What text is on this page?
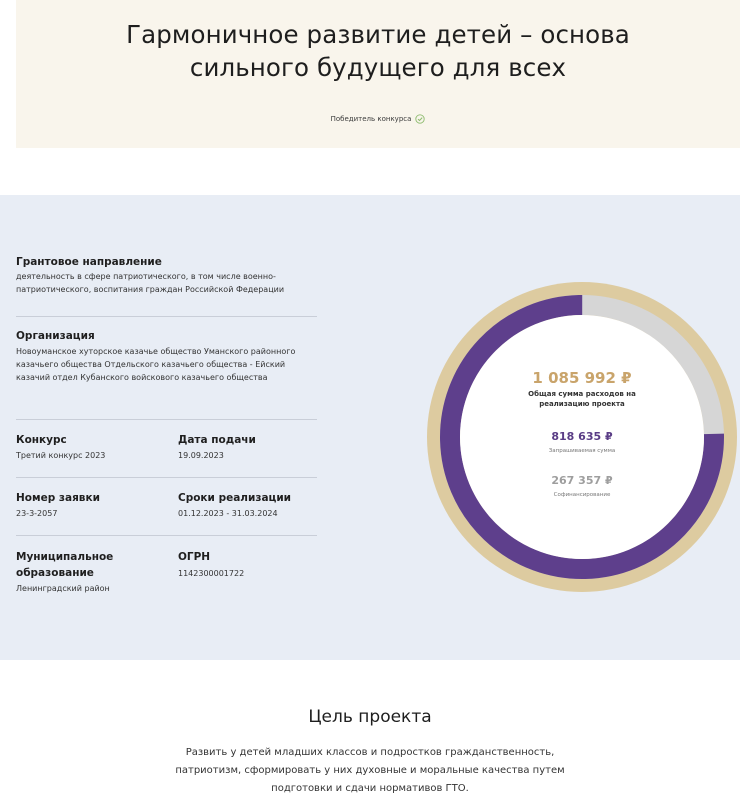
Гармоничное развитие детей – основа
сильного будущего для всех
Победитель конкурса
Грантовое направление
деятельность в сфере патриотического, в том числе военно-патриотического, воспитания граждан Российской Федерации
Организация
Новоуманское хуторское казачье общество Уманского районного казачьего общества Отдельского казачьего общества - Ейский казачий отдел Кубанского войскового казачьего общества
Конкурс
Третий конкурс 2023
Дата подачи
19.09.2023
Номер заявки
23-3-2057
Сроки реализации
01.12.2023 - 31.03.2024
Муниципальное
образование
Ленинградский район
ОГРН
1142300001722
1 085 992 ₽
Общая сумма расходов на
реализацию проекта
818 635 ₽
Запрашиваемая сумма
267 357 ₽
Софинансирование
Цель проекта
Развить у детей младших классов и подростков гражданственность,
патриотизм, сформировать у них духовные и моральные качества путем
подготовки и сдачи нормативов ГТО.
